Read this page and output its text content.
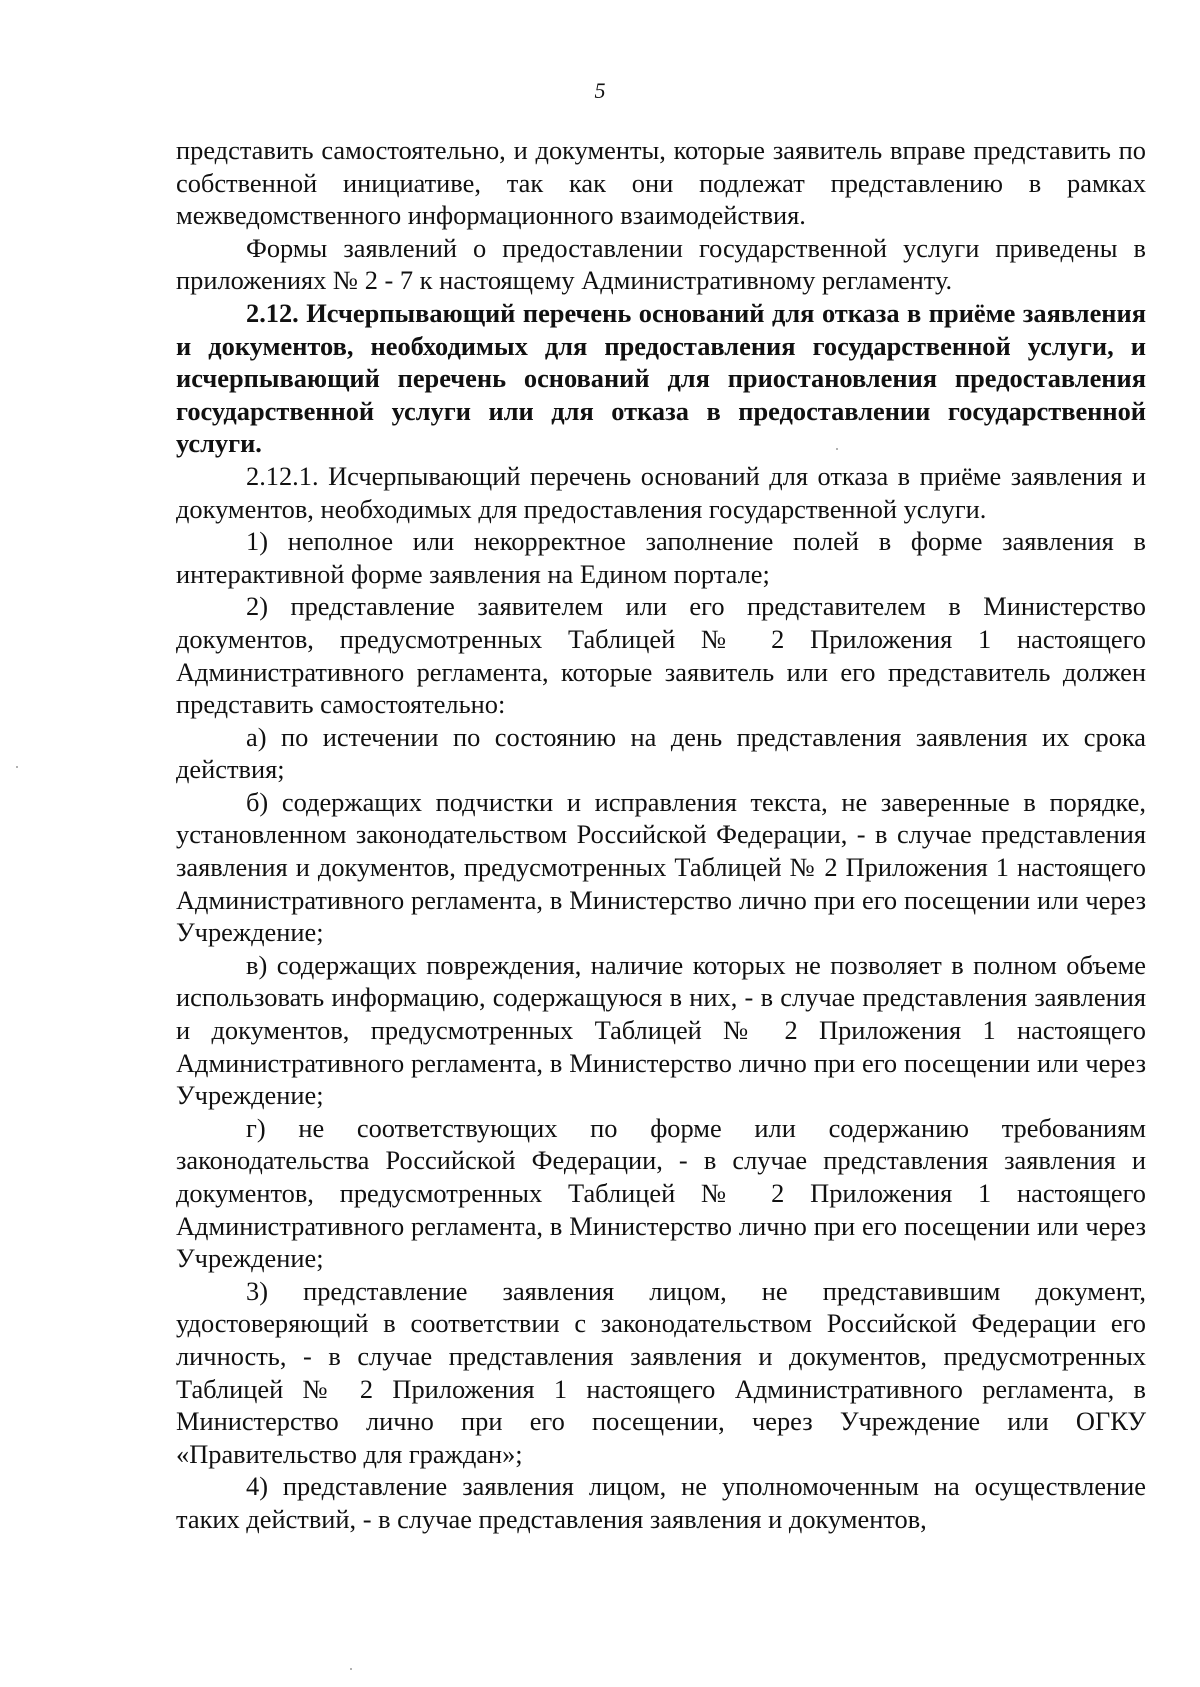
5

представить самостоятельно, и документы, которые заявитель вправе представить по собственной инициативе, так как они подлежат представлению в рамках межведомственного информационного взаимодействия.

Формы заявлений о предоставлении государственной услуги приведены в приложениях № 2 - 7 к настоящему Административному регламенту.

2.12. Исчерпывающий перечень оснований для отказа в приёме заявления и документов, необходимых для предоставления государственной услуги, и исчерпывающий перечень оснований для приостановления предоставления государственной услуги или для отказа в предоставлении государственной услуги.

2.12.1. Исчерпывающий перечень оснований для отказа в приёме заявления и документов, необходимых для предоставления государственной услуги.

1) неполное или некорректное заполнение полей в форме заявления в интерактивной форме заявления на Едином портале;

2) представление заявителем или его представителем в Министерство документов, предусмотренных Таблицей № 2 Приложения 1 настоящего Административного регламента, которые заявитель или его представитель должен представить самостоятельно:

а) по истечении по состоянию на день представления заявления их срока действия;

б) содержащих подчистки и исправления текста, не заверенные в порядке, установленном законодательством Российской Федерации, - в случае представления заявления и документов, предусмотренных Таблицей № 2 Приложения 1 настоящего Административного регламента, в Министерство лично при его посещении или через Учреждение;

в) содержащих повреждения, наличие которых не позволяет в полном объеме использовать информацию, содержащуюся в них, - в случае представления заявления и документов, предусмотренных Таблицей № 2 Приложения 1 настоящего Административного регламента, в Министерство лично при его посещении или через Учреждение;

г) не соответствующих по форме или содержанию требованиям законодательства Российской Федерации, - в случае представления заявления и документов, предусмотренных Таблицей № 2 Приложения 1 настоящего Административного регламента, в Министерство лично при его посещении или через Учреждение;

3) представление заявления лицом, не представившим документ, удостоверяющий в соответствии с законодательством Российской Федерации его личность, - в случае представления заявления и документов, предусмотренных Таблицей № 2 Приложения 1 настоящего Административного регламента, в Министерство лично при его посещении, через Учреждение или ОГКУ «Правительство для граждан»;

4) представление заявления лицом, не уполномоченным на осуществление таких действий, - в случае представления заявления и документов,
